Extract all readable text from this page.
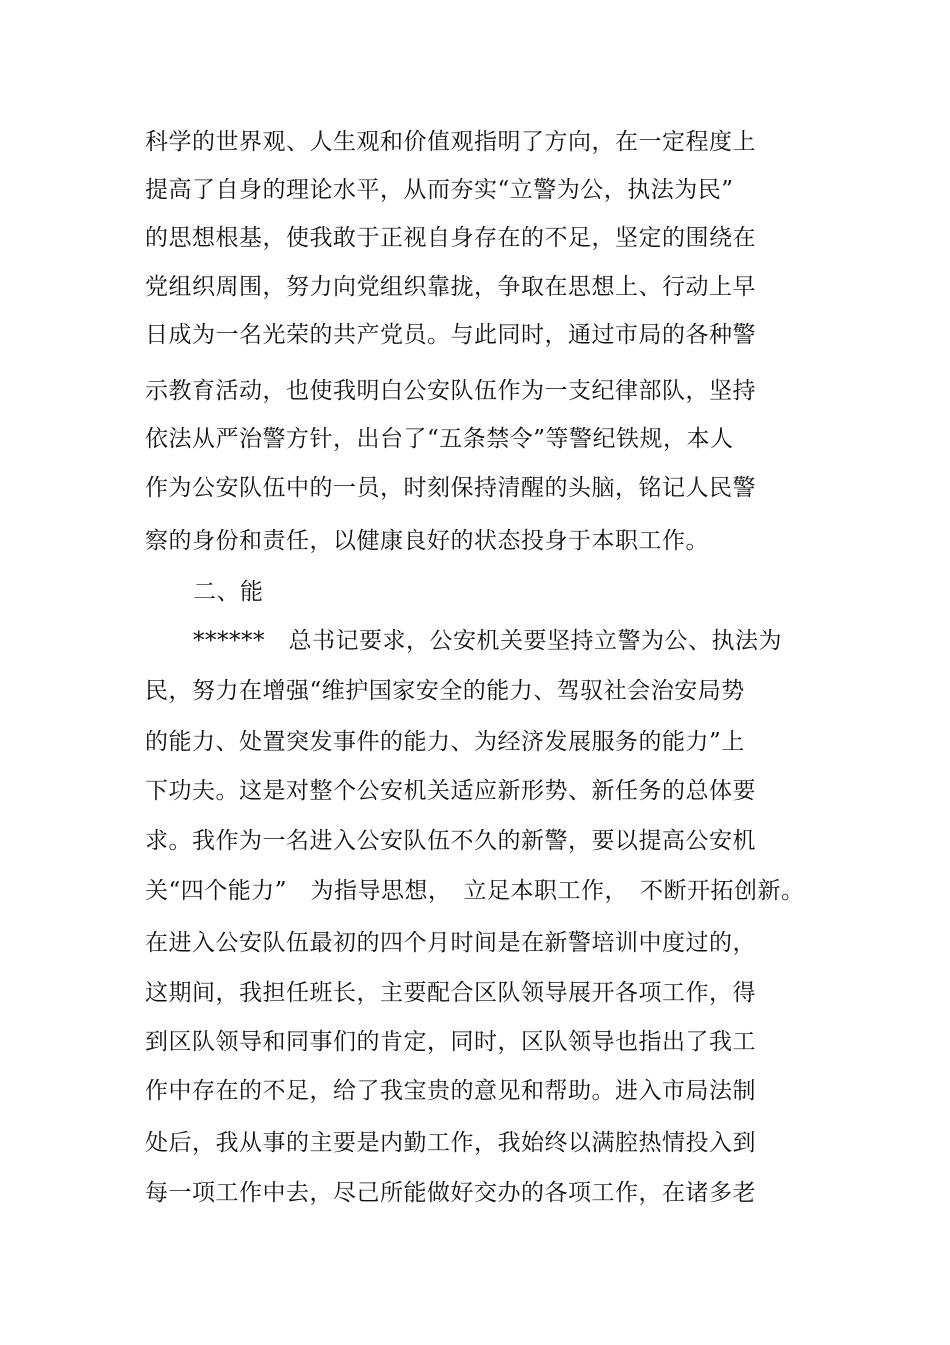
科学的世界观、人生观和价值观指明了方向，在一定程度上
提高了自身的理论水平，从而夯实“立警为公，执法为民”
的思想根基，使我敢于正视自身存在的不足，坚定的围绕在
党组织周围，努力向党组织靠拢，争取在思想上、行动上早
日成为一名光荣的共产党员。与此同时，通过市局的各种警
示教育活动，也使我明白公安队伍作为一支纪律部队，坚持
依法从严治警方针，出台了“五条禁令”等警纪铁规，本人
作为公安队伍中的一员，时刻保持清醒的头脑，铭记人民警
察的身份和责任，以健康良好的状态投身于本职工作。
二、能
******　总书记要求，公安机关要坚持立警为公、执法为
民，努力在增强“维护国家安全的能力、驾驭社会治安局势
的能力、处置突发事件的能力、为经济发展服务的能力”上
下功夫。这是对整个公安机关适应新形势、新任务的总体要
求。我作为一名进入公安队伍不久的新警，要以提高公安机
关“四个能力”　为指导思想，　立足本职工作，　不断开拓创新。
在进入公安队伍最初的四个月时间是在新警培训中度过的，
这期间，我担任班长，主要配合区队领导展开各项工作，得
到区队领导和同事们的肯定，同时，区队领导也指出了我工
作中存在的不足，给了我宝贵的意见和帮助。进入市局法制
处后，我从事的主要是内勤工作，我始终以满腔热情投入到
每一项工作中去，尽己所能做好交办的各项工作，在诸多老
